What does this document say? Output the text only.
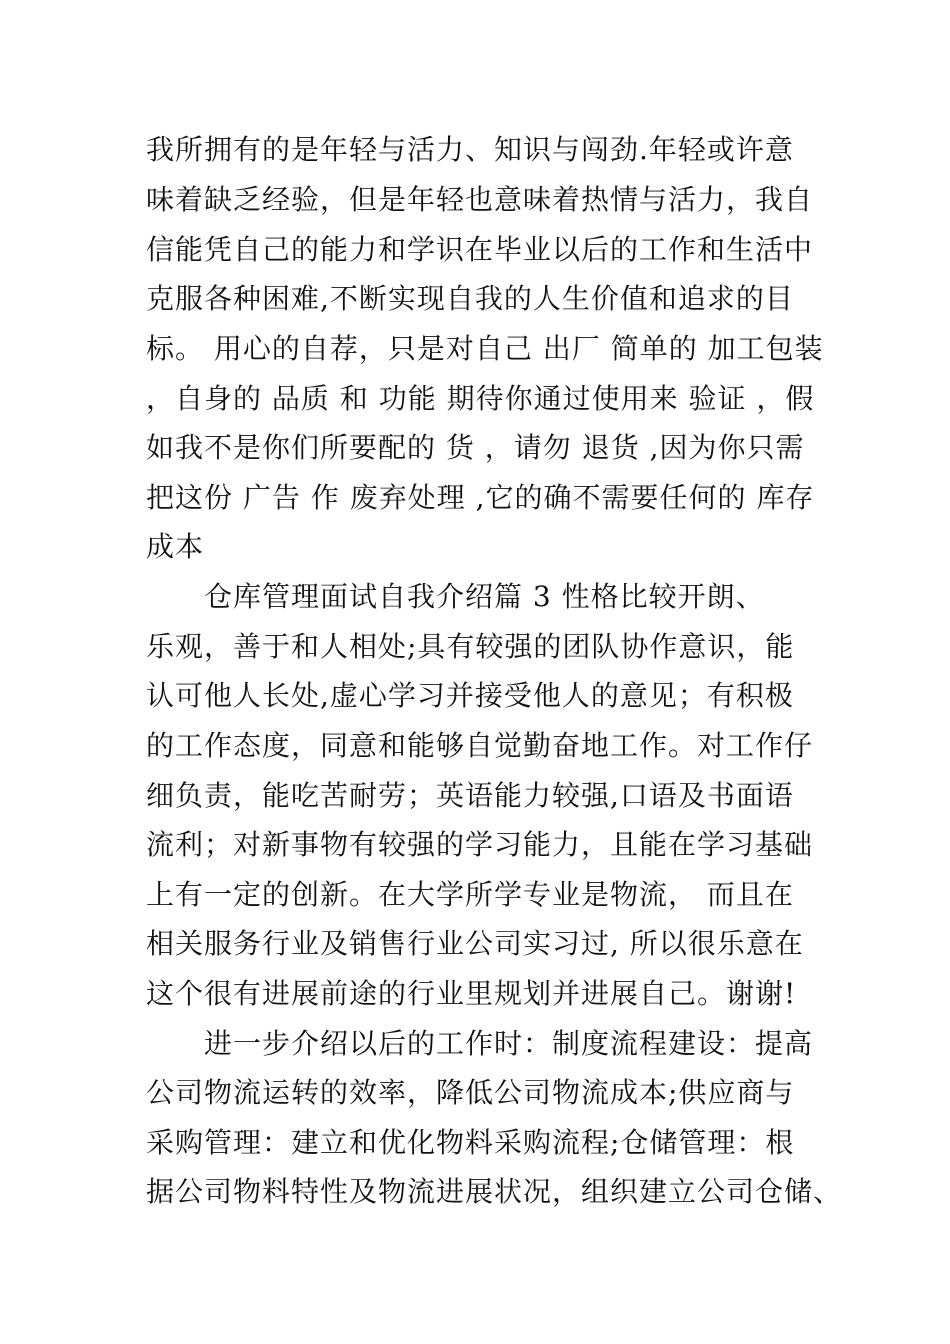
我所拥有的是年轻与活力、知识与闯劲.年轻或许意
味着缺乏经验，但是年轻也意味着热情与活力，我自
信能凭自己的能力和学识在毕业以后的工作和生活中
克服各种困难,不断实现自我的人生价值和追求的目
标。 用心的自荐，只是对自己 出厂 简单的 加工包装
，自身的 品质 和 功能 期待你通过使用来 验证 ，假
如我不是你们所要配的 货 ，请勿 退货 ,因为你只需
把这份 广告 作 废弃处理 ,它的确不需要任何的 库存
成本
仓库管理面试自我介绍篇 3 性格比较开朗、
乐观，善于和人相处;具有较强的团队协作意识，能
认可他人长处,虚心学习并接受他人的意见；有积极
的工作态度，同意和能够自觉勤奋地工作。对工作仔
细负责，能吃苦耐劳；英语能力较强,口语及书面语
流利；对新事物有较强的学习能力，且能在学习基础
上有一定的创新。在大学所学专业是物流， 而且在
相关服务行业及销售行业公司实习过, 所以很乐意在
这个很有进展前途的行业里规划并进展自己。谢谢!
进一步介绍以后的工作时：制度流程建设：提高
公司物流运转的效率，降低公司物流成本;供应商与
采购管理：建立和优化物料采购流程;仓储管理：根
据公司物料特性及物流进展状况，组织建立公司仓储、
